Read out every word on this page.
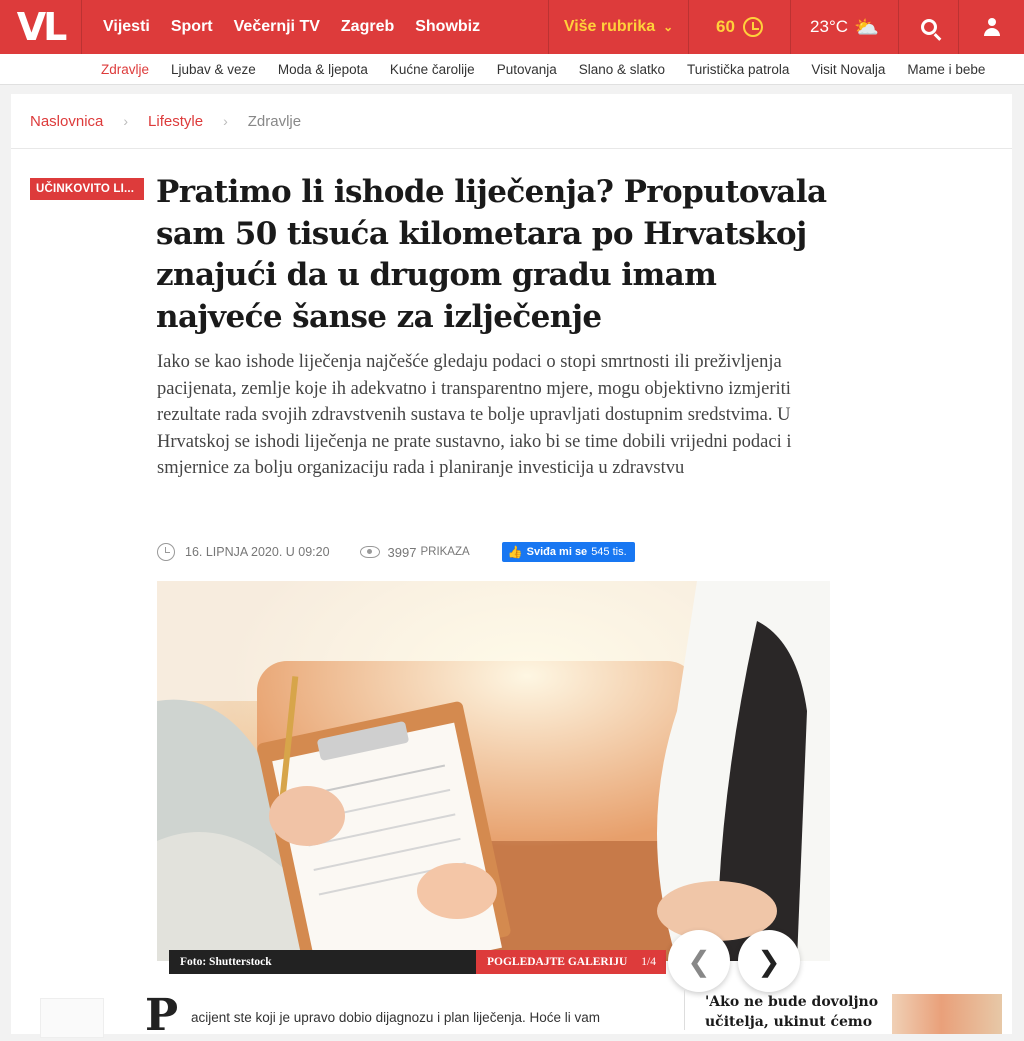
VL	Vijesti Sport Večernji TV Zagreb Showbiz	Više rubrika ⌄	60	23°C ⛅
Zdravlje Ljubav & veze Moda & ljepota Kućne čarolije Putovanja Slano & slatko Turistička patrola Visit Novalja Mame i bebe
Naslovnica › Lifestyle › Zdravlje
UČINKOVITO LI... Pratimo li ishode liječenja? Proputovala sam 50 tisuća kilometara po Hrvatskoj znajući da u drugom gradu imam najveće šanse za izlječenje

Iako se kao ishode liječenja najčešće gledaju podaci o stopi smrtnosti ili preživljenja pacijenata, zemlje koje ih adekvatno i transparentno mjere, mogu objektivno izmjeriti rezultate rada svojih zdravstvenih sustava te bolje upravljati dostupnim sredstvima. U Hrvatskoj se ishodi liječenja ne prate sustavno, iako bi se time dobili vrijedni podaci i smjernice za bolju organizaciju rada i planiranje investicija u zdravstvu

16. LIPNJA 2020. U 09:20	3997 PRIKAZA	👍 Sviđa mi se 545 tis.
Foto: Shutterstock	POGLEDAJTE GALERIJU 1/4 ❮ ❯
P acijent ste koji je upravo dobio dijagnozu i plan liječenja. Hoće li vam
'Ako ne bude dovoljno učitelja, ukinut ćemo
